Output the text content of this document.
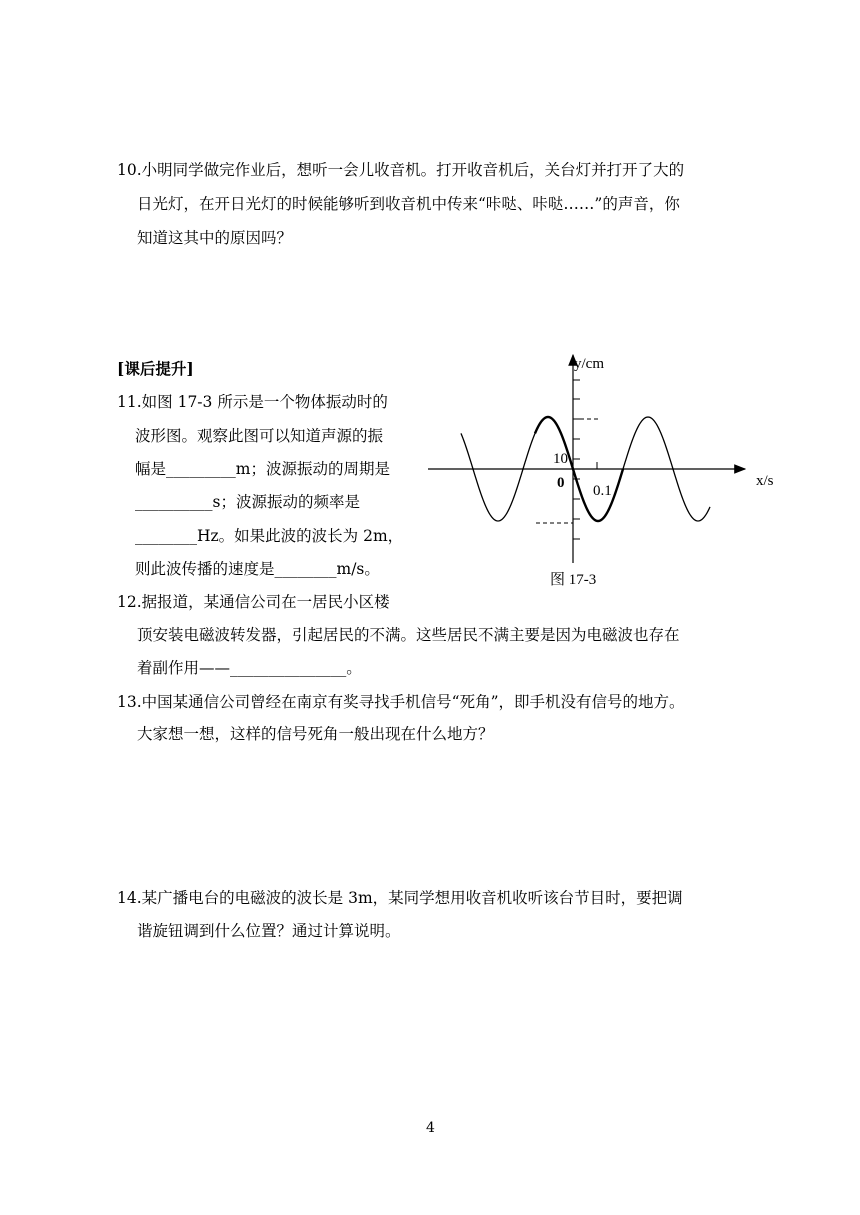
10.小明同学做完作业后，想听一会儿收音机。打开收音机后，关台灯并打开了大的
日光灯，在开日光灯的时候能够听到收音机中传来“咔哒、咔哒……”的声音，你
知道这其中的原因吗？
[课后提升]
11.如图 17-3 所示是一个物体振动时的
波形图。观察此图可以知道声源的振
幅是_________m；波源振动的周期是
__________s；波源振动的频率是
________Hz。如果此波的波长为 2m，
则此波传播的速度是________m/s。
12.据报道，某通信公司在一居民小区楼
顶安装电磁波转发器，引起居民的不满。这些居民不满主要是因为电磁波也存在
着副作用——_______________。
13.中国某通信公司曾经在南京有奖寻找手机信号“死角”，即手机没有信号的地方。
大家想一想，这样的信号死角一般出现在什么地方？
14.某广播电台的电磁波的波长是 3m，某同学想用收音机收听该台节目时，要把调
谐旋钮调到什么位置？通过计算说明。
y/cm
x/s
10
0.1
0
图 17-3
4
